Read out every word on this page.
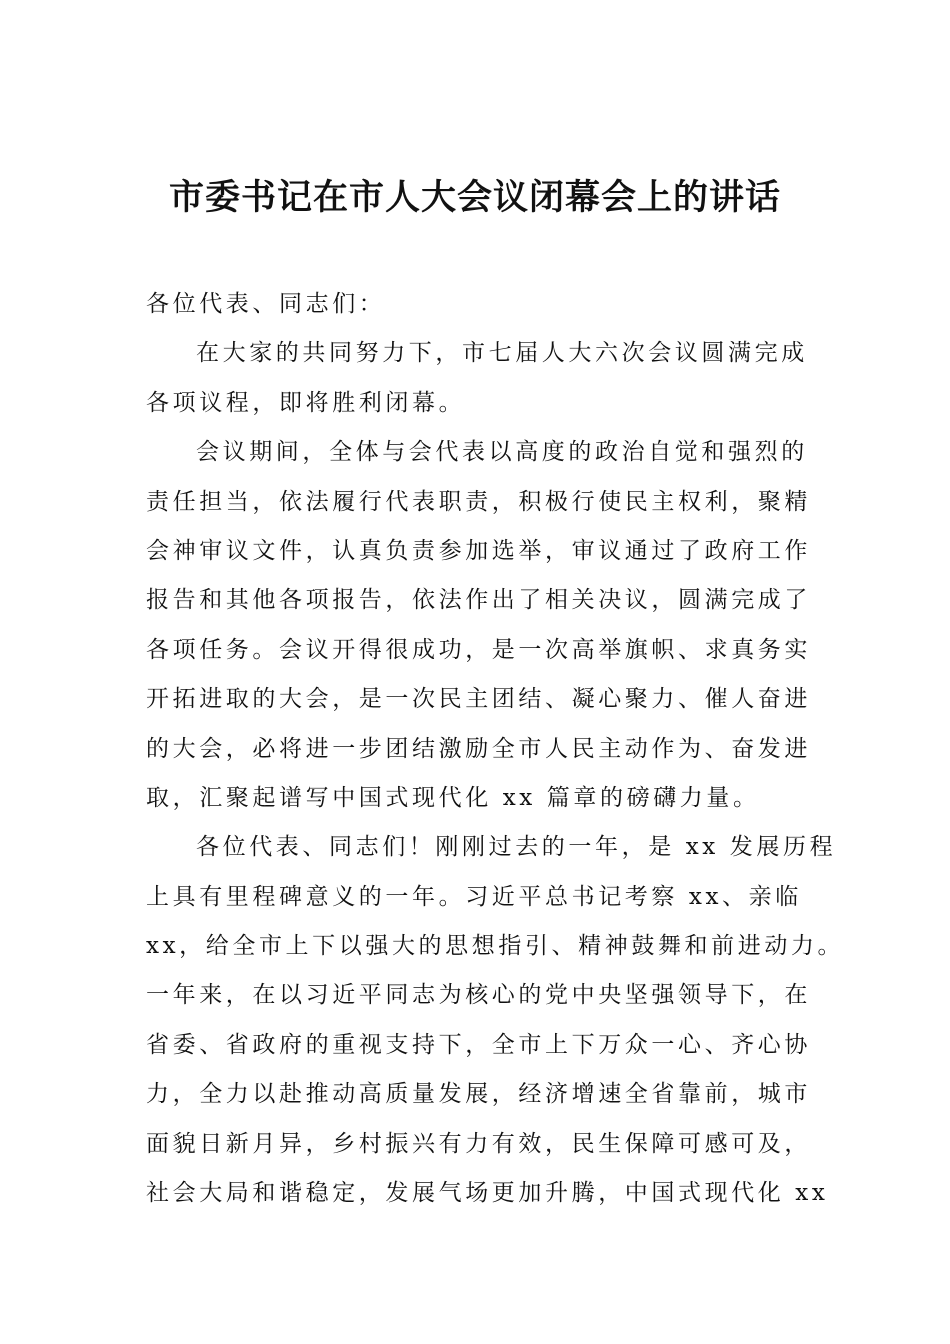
市委书记在市人大会议闭幕会上的讲话
各位代表、同志们：
在大家的共同努力下，市七届人大六次会议圆满完成
各项议程，即将胜利闭幕。
会议期间，全体与会代表以高度的政治自觉和强烈的
责任担当，依法履行代表职责，积极行使民主权利，聚精
会神审议文件，认真负责参加选举，审议通过了政府工作
报告和其他各项报告，依法作出了相关决议，圆满完成了
各项任务。会议开得很成功，是一次高举旗帜、求真务实
开拓进取的大会，是一次民主团结、凝心聚力、催人奋进
的大会，必将进一步团结激励全市人民主动作为、奋发进
取，汇聚起谱写中国式现代化 xx 篇章的磅礴力量。
各位代表、同志们！刚刚过去的一年，是 xx 发展历程
上具有里程碑意义的一年。习近平总书记考察 xx、亲临
xx，给全市上下以强大的思想指引、精神鼓舞和前进动力。
一年来，在以习近平同志为核心的党中央坚强领导下，在
省委、省政府的重视支持下，全市上下万众一心、齐心协
力，全力以赴推动高质量发展，经济增速全省靠前，城市
面貌日新月异，乡村振兴有力有效，民生保障可感可及，
社会大局和谐稳定，发展气场更加升腾，中国式现代化 xx
